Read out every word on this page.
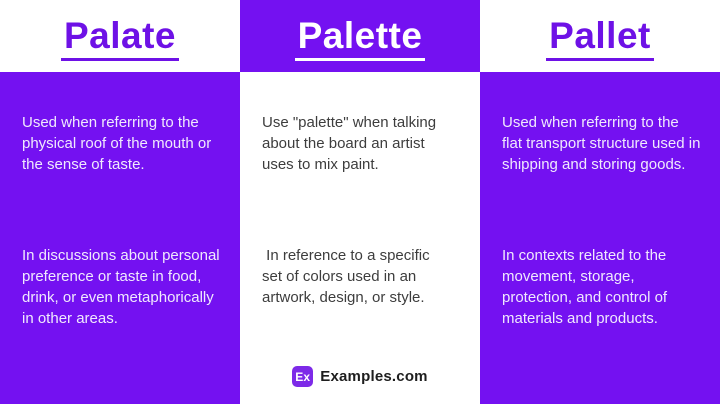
Palate

Used when referring to the physical roof of the mouth or the sense of taste.

In discussions about personal preference or taste in food, drink, or even metaphorically in other areas.

Palette

Use "palette" when talking about the board an artist uses to mix paint.

In reference to a specific set of colors used in an artwork, design, or style.

Pallet

Used when referring to the flat transport structure used in shipping and storing goods.

In contexts related to the movement, storage, protection, and control of materials and products.

Ex Examples.com
